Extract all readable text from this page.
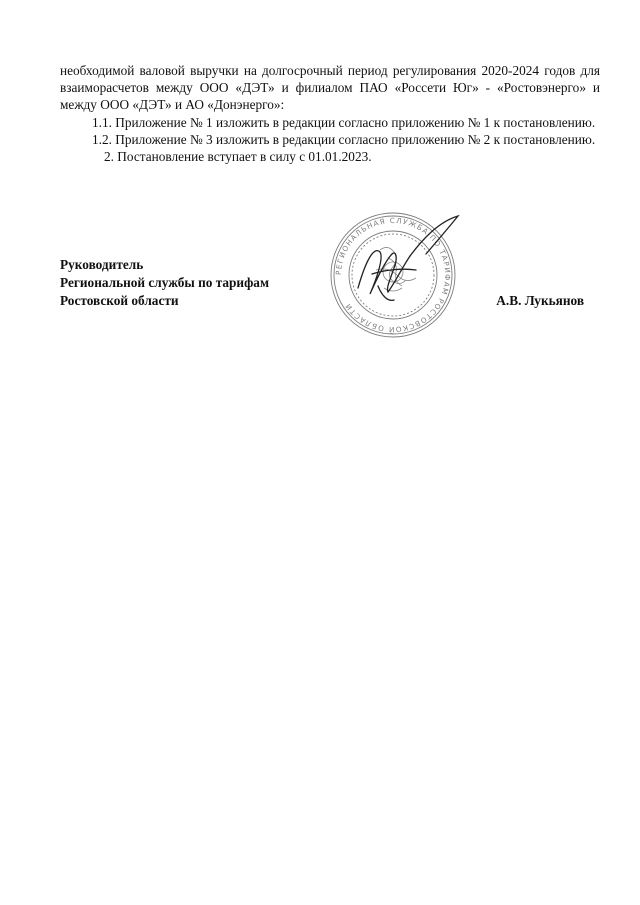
необходимой валовой выручки на долгосрочный период регулирования 2020-2024 годов для взаиморасчетов между ООО «ДЭТ» и филиалом ПАО «Россети Юг» - «Ростовэнерго» и между ООО «ДЭТ» и АО «Донэнерго»:

1.1. Приложение № 1 изложить в редакции согласно приложению № 1 к постановлению.

1.2. Приложение № 3 изложить в редакции согласно приложению № 2 к постановлению.

2. Постановление вступает в силу с 01.01.2023.

РЕГИОНАЛЬНАЯ СЛУЖБА ПО ТАРИФАМ РОСТОВСКОЙ ОБЛАСТИ
Руководитель
Региональной службы по тарифам
Ростовской области	А.В. Лукьянов
